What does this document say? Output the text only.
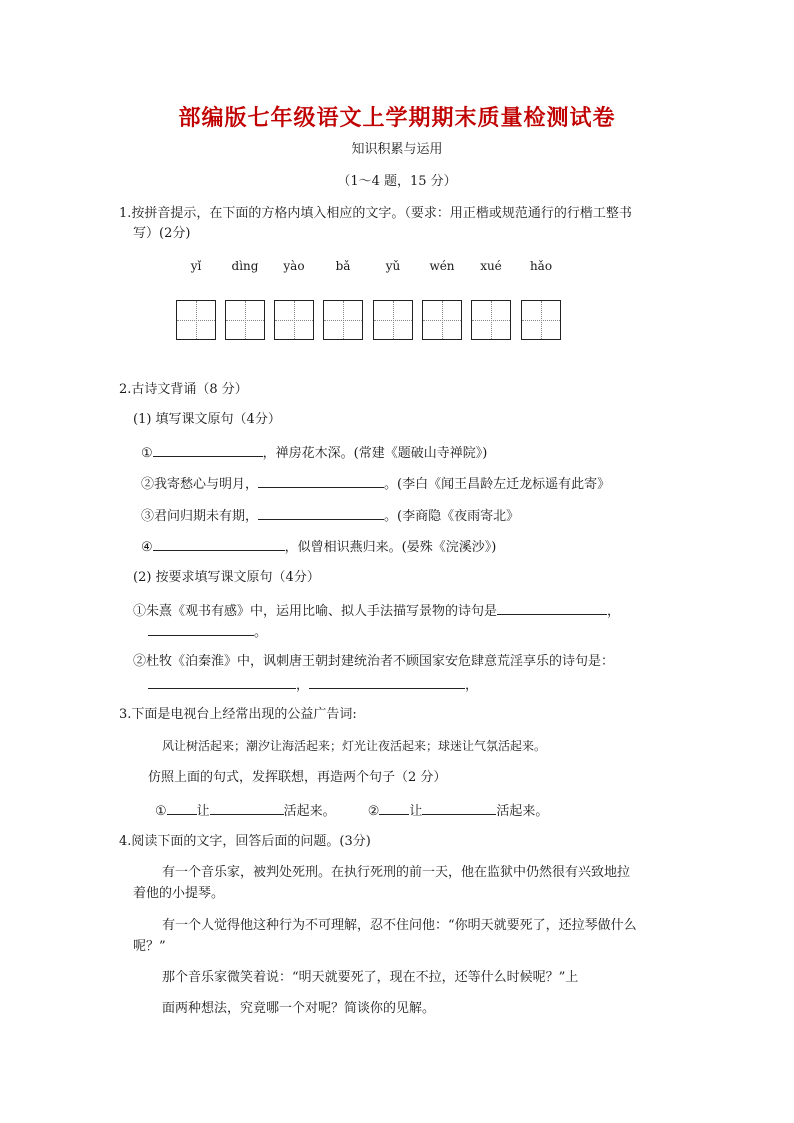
部编版七年级语文上学期期末质量检测试卷
知识积累与运用
（1～4 题，15 分）
1.按拼音提示，在下面的方格内填入相应的文字。（要求：用正楷或规范通行的行楷工整书
写）(2分)
yǐ	dìng	yào	bǎ	yǔ	wén	xué	hǎo
2.古诗文背诵（8 分）
(1) 填写课文原句（4分）
①	，禅房花木深。(常建《题破山寺禅院》)
②我寄愁心与明月，	。(李白《闻王昌龄左迁龙标遥有此寄》
③君问归期未有期，	。(李商隐《夜雨寄北》
④	，似曾相识燕归来。(晏殊《浣溪沙》)
(2) 按要求填写课文原句（4分）
①朱熹《观书有感》中，运用比喻、拟人手法描写景物的诗句是	，
。
②杜牧《泊秦淮》中，讽刺唐王朝封建统治者不顾国家安危肆意荒淫享乐的诗句是：
，	，
3.下面是电视台上经常出现的公益广告词:
风让树活起来；潮汐让海活起来；灯光让夜活起来；球迷让气氛活起来。
仿照上面的句式，发挥联想，再造两个句子（2 分）
① 让	活起来。 ② 让	活起来。
4.阅读下面的文字，回答后面的问题。(3分)
有一个音乐家，被判处死刑。在执行死刑的前一天，他在监狱中仍然很有兴致地拉
着他的小提琴。
有一个人觉得他这种行为不可理解，忍不住问他：“你明天就要死了，还拉琴做什么
呢？”
那个音乐家微笑着说：“明天就要死了，现在不拉，还等什么时候呢？”上
面两种想法，究竟哪一个对呢？简谈你的见解。
